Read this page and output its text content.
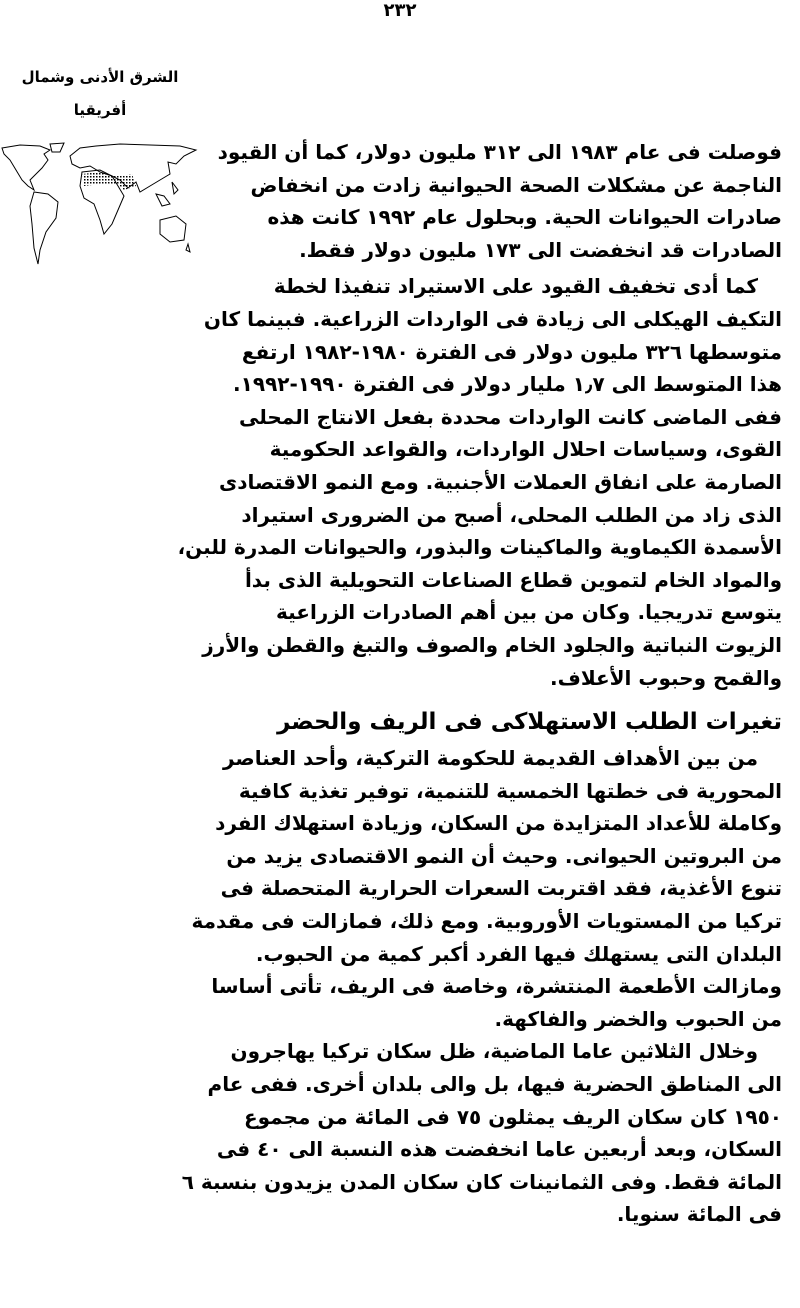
٢٣٢
الشرق الأدنى وشمال
أفريقيا
فوصلت فى عام ١٩٨٣ الى ٣١٢ مليون دولار، كما أن القيود
الناجمة عن مشكلات الصحة الحيوانية زادت من انخفاض
صادرات الحيوانات الحية. وبحلول عام ١٩٩٢ كانت هذه
الصادرات قد انخفضت الى ١٧٣ مليون دولار فقط.
كما أدى تخفيف القيود على الاستيراد تنفيذا لخطة
التكيف الهيكلى الى زيادة فى الواردات الزراعية. فبينما كان
متوسطها ٣٢٦ مليون دولار فى الفترة ١٩٨٠-١٩٨٢ ارتفع
هذا المتوسط الى ١٫٧ مليار دولار فى الفترة ١٩٩٠-١٩٩٢.
ففى الماضى كانت الواردات محددة بفعل الانتاج المحلى
القوى، وسياسات احلال الواردات، والقواعد الحكومية
الصارمة على انفاق العملات الأجنبية. ومع النمو الاقتصادى
الذى زاد من الطلب المحلى، أصبح من الضرورى استيراد
الأسمدة الكيماوية والماكينات والبذور، والحيوانات المدرة للبن،
والمواد الخام لتموين قطاع الصناعات التحويلية الذى بدأ
يتوسع تدريجيا. وكان من بين أهم الصادرات الزراعية
الزيوت النباتية والجلود الخام والصوف والتبغ والقطن والأرز
والقمح وحبوب الأعلاف.
تغيرات الطلب الاستهلاكى فى الريف والحضر
من بين الأهداف القديمة للحكومة التركية، وأحد العناصر
المحورية فى خطتها الخمسية للتنمية، توفير تغذية كافية
وكاملة للأعداد المتزايدة من السكان، وزيادة استهلاك الفرد
من البروتين الحيوانى. وحيث أن النمو الاقتصادى يزيد من
تنوع الأغذية، فقد اقتربت السعرات الحرارية المتحصلة فى
تركيا من المستويات الأوروبية. ومع ذلك، فمازالت فى مقدمة
البلدان التى يستهلك فيها الفرد أكبر كمية من الحبوب.
ومازالت الأطعمة المنتشرة، وخاصة فى الريف، تأتى أساسا
من الحبوب والخضر والفاكهة.
وخلال الثلاثين عاما الماضية، ظل سكان تركيا يهاجرون
الى المناطق الحضرية فيها، بل والى بلدان أخرى. ففى عام
١٩٥٠ كان سكان الريف يمثلون ٧٥ فى المائة من مجموع
السكان، وبعد أربعين عاما انخفضت هذه النسبة الى ٤٠ فى
المائة فقط. وفى الثمانينات كان سكان المدن يزيدون بنسبة ٦
فى المائة سنويا.
